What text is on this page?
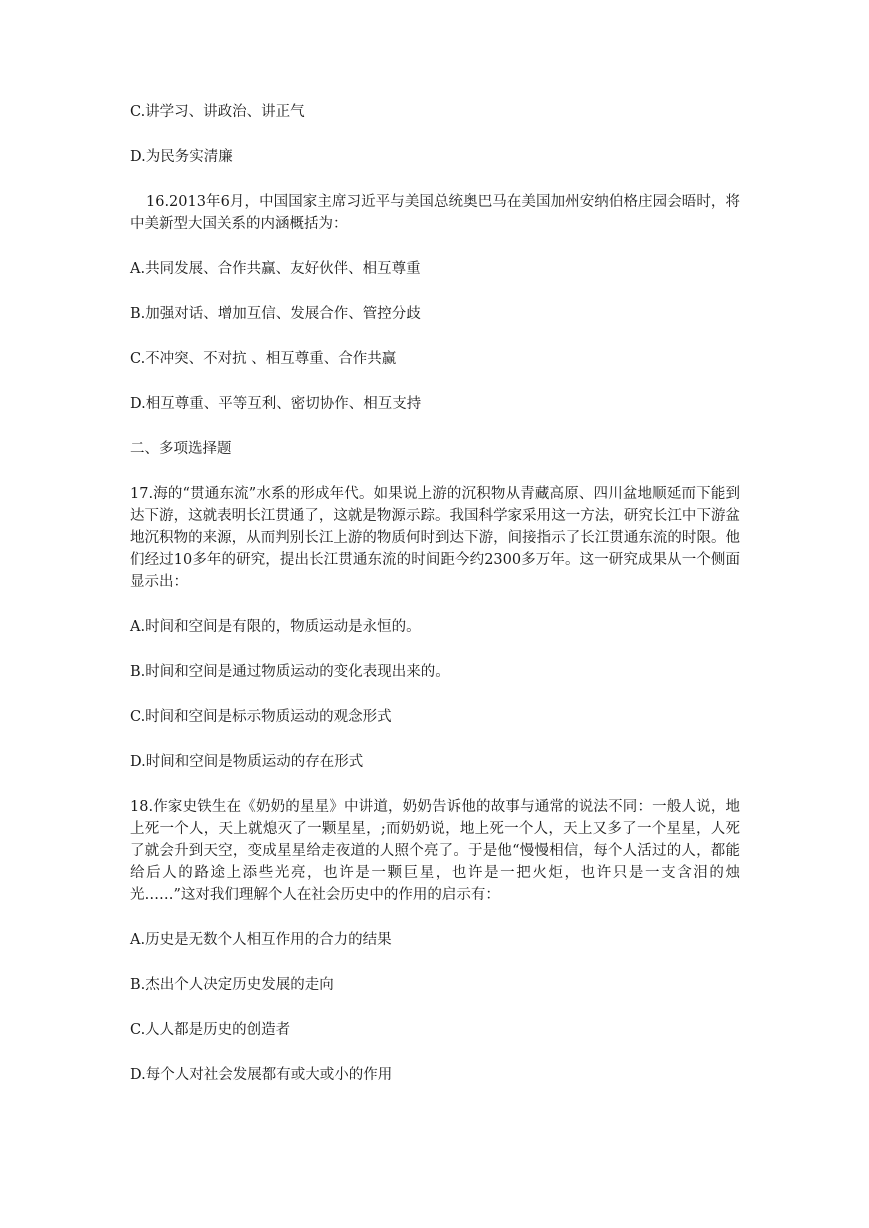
C.讲学习、讲政治、讲正气

D.为民务实清廉

16.2013年6月，中国国家主席习近平与美国总统奥巴马在美国加州安纳伯格庄园会晤时，将中美新型大国关系的内涵概括为：

A.共同发展、合作共赢、友好伙伴、相互尊重

B.加强对话、增加互信、发展合作、管控分歧

C.不冲突、不对抗 、相互尊重、合作共赢

D.相互尊重、平等互利、密切协作、相互支持

二、多项选择题

17.海的“贯通东流”水系的形成年代。如果说上游的沉积物从青藏高原、四川盆地顺延而下能到达下游，这就表明长江贯通了，这就是物源示踪。我国科学家采用这一方法，研究长江中下游盆地沉积物的来源，从而判别长江上游的物质何时到达下游，间接指示了长江贯通东流的时限。他们经过10多年的研究，提出长江贯通东流的时间距今约2300多万年。这一研究成果从一个侧面显示出：

A.时间和空间是有限的，物质运动是永恒的。

B.时间和空间是通过物质运动的变化表现出来的。

C.时间和空间是标示物质运动的观念形式

D.时间和空间是物质运动的存在形式

18.作家史铁生在《奶奶的星星》中讲道，奶奶告诉他的故事与通常的说法不同：一般人说，地上死一个人，天上就熄灭了一颗星星，;而奶奶说，地上死一个人，天上又多了一个星星，人死了就会升到天空，变成星星给走夜道的人照个亮了。于是他“慢慢相信，每个人活过的人，都能给后人的路途上添些光亮，也许是一颗巨星，也许是一把火炬，也许只是一支含泪的烛光……”这对我们理解个人在社会历史中的作用的启示有：

A.历史是无数个人相互作用的合力的结果

B.杰出个人决定历史发展的走向

C.人人都是历史的创造者

D.每个人对社会发展都有或大或小的作用
